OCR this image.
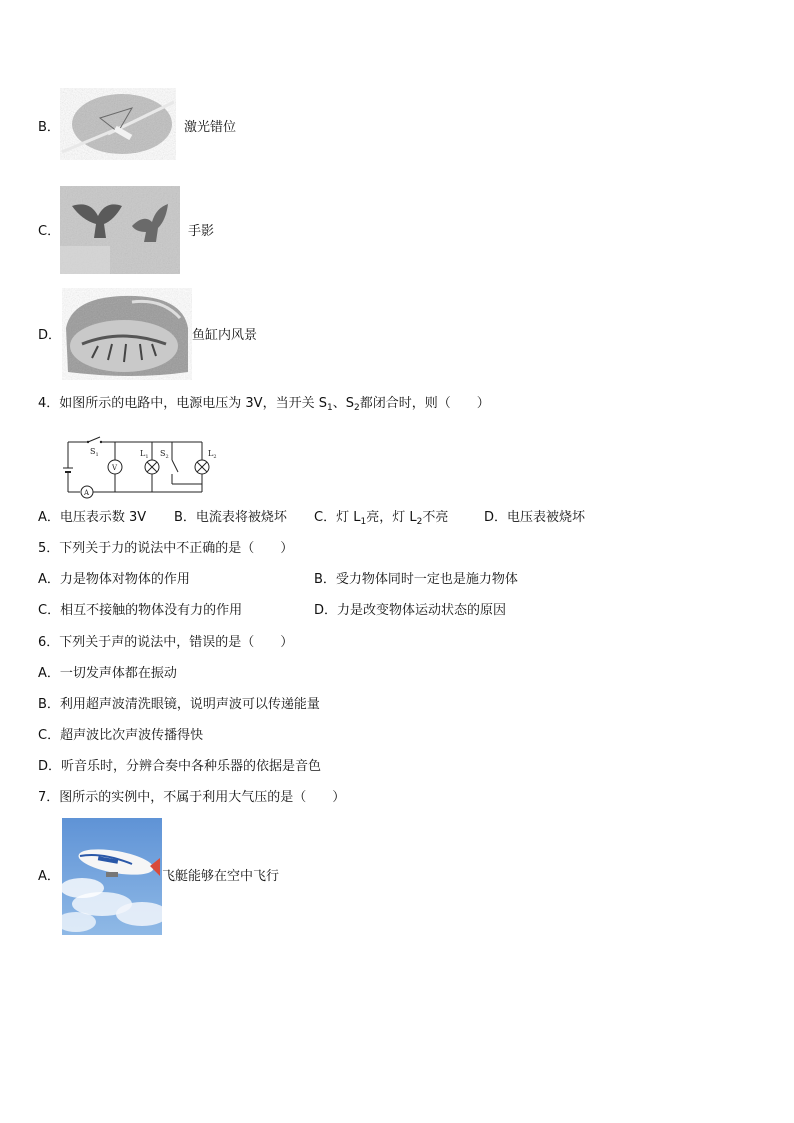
B．	激光错位
C．	手影
D．	鱼缸内风景
4．如图所示的电路中，电源电压为 3V，当开关 $S_1$、$S_2$都闭合时，则（　　）
$S_1$
A
V
$L_1$ $S_2$	$L_2$
A．电压表示数 3V B．电流表将被烧坏 C．灯 $L_1$亮，灯 $L_2$不亮	D．电压表被烧坏
5．下列关于力的说法中不正确的是（　　）
A．力是物体对物体的作用	B．受力物体同时一定也是施力物体
C．相互不接触的物体没有力的作用	D．力是改变物体运动状态的原因
6．下列关于声的说法中，错误的是（　　）
A．一切发声体都在振动
B．利用超声波清洗眼镜，说明声波可以传递能量
C．超声波比次声波传播得快
D．听音乐时，分辨合奏中各种乐器的依据是音色
7．图所示的实例中，不属于利用大气压的是（　　）
A．	飞艇能够在空中飞行
